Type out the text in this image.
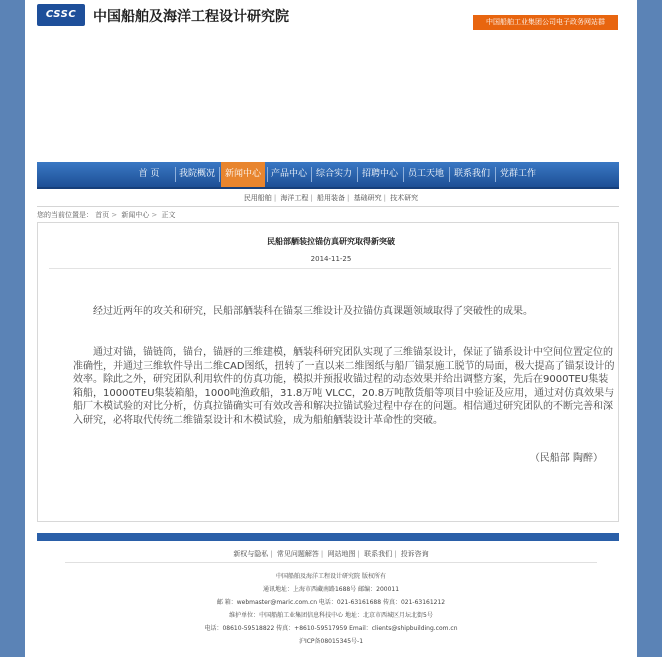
CSSC	中国船舶及海洋工程设计研究院	中国船舶工业集团公司电子政务网站群
首 页	我院概况	新闻中心	产品中心 综合实力	招聘中心	员工天地	联系我们	党群工作
民用船舶 | 海洋工程 | 船用装备 | 基础研究 | 技术研究
您的当前位置是： 首页 > 新闻中心 > 正文
民船部舾装拉锚仿真研究取得新突破
2014-11-25

经过近两年的攻关和研究，民船部舾装科在锚泵三维设计及拉锚仿真课题领域取得了突破性的成果。

通过对锚，锚链筒，锚台，锚唇的三维建模，舾装科研究团队实现了三维锚泵设计，保证了锚系设计中空间位置定位的准确性，并通过三维软件导出二维CAD图纸，扭转了一直以来二维图纸与船厂锚泵施工脱节的局面，极大提高了锚泵设计的效率。除此之外，研究团队利用软件的仿真功能，模拟并预报收锚过程的动态效果并给出调整方案，先后在9000TEU集装箱船，10000TEU集装箱船，1000吨渔政船，31.8万吨 VLCC，20.8万吨散货船等项目中验证及应用，通过对仿真效果与船厂木模试验的对比分析，仿真拉锚确实可有效改善和解决拉锚试验过程中存在的问题。相信通过研究团队的不断完善和深入研究，必将取代传统二维锚泵设计和木模试验，成为船舶舾装设计革命性的突破。

（民船部 陶醉）
新权与隐私 | 常见问题解答 | 网站地图 | 联系我们 | 投诉咨询
中国船舶及海洋工程设计研究院 版权所有
通讯地址：上海市西藏南路1688号 邮编：200011
邮 箱：webmaster@maric.com.cn 电话：021-63161688 传真：021-63161212
维护单位：中国船舶工业集团信息科技中心 地址：北京市西城区月坛北街5号
电话：08610-59518822 传真：+8610-59517959 Email：clients@shipbuilding.com.cn
沪ICP备08015345号-1
